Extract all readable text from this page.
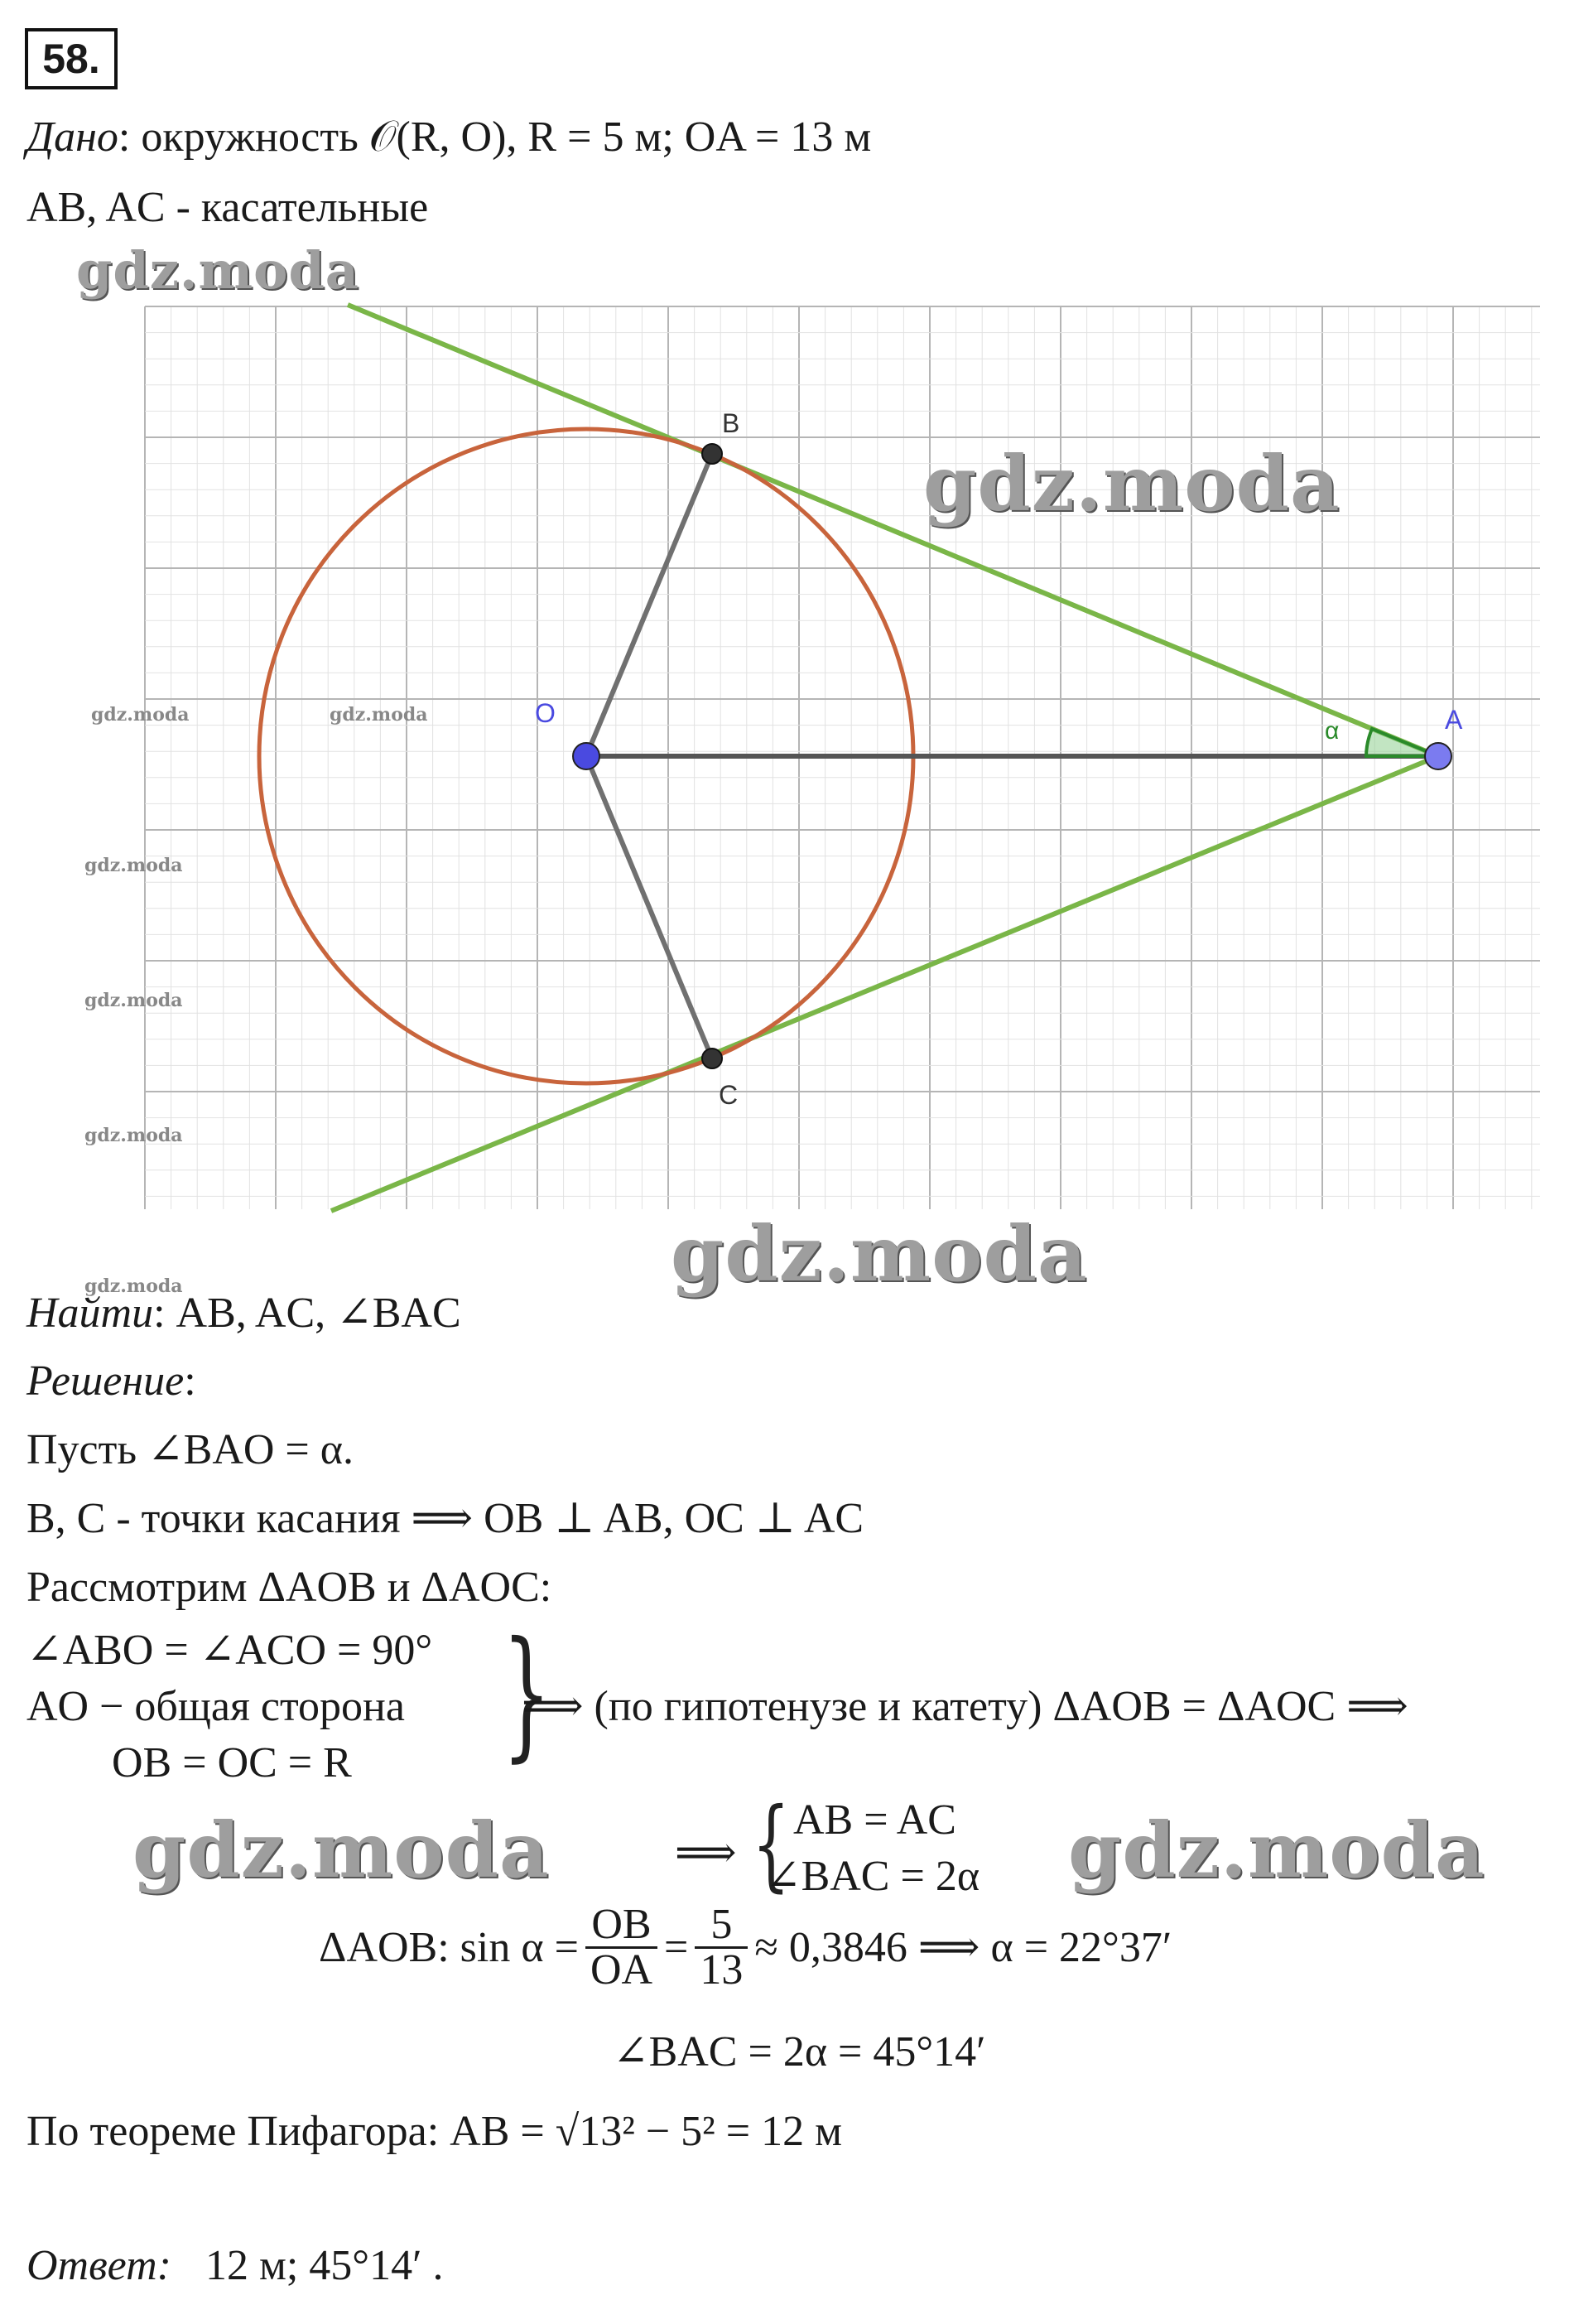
58.
Дано: окружность 𝒪(R, O), R = 5 м; OA = 13 м
AB, AC - касательные
B
O	A
C
α
gdz.moda
gdz.moda
gdz.moda
gdz.moda	gdz.moda
gdz.moda	gdz.moda
gdz.moda
gdz.moda
gdz.moda
gdz.moda
Найти: AB, AC, ∠BAC
Решение:
Пусть ∠BAO = α.
B, C - точки касания ⟹ OB ⊥ AB, OC ⊥ AC
Рассмотрим ΔAOB и ΔAOC:
∠ABO = ∠ACO = 90°
AO − общая сторона
OB = OC = R {
⟹ (по гипотенузе и катету) ΔAOB = ΔAOC ⟹
⟹ { AB = AC
∠BAC = 2α
ΔAOB: $\sin \alpha = \frac{OB}{OA} = \frac{5}{13} \approx 0,3846$ ⟹ α = 22°37′
∠BAC = 2α = 45°14′
По теореме Пифагора: AB = √13² − 5² = 12 м
Ответ: 12 м; 45°14′ .
